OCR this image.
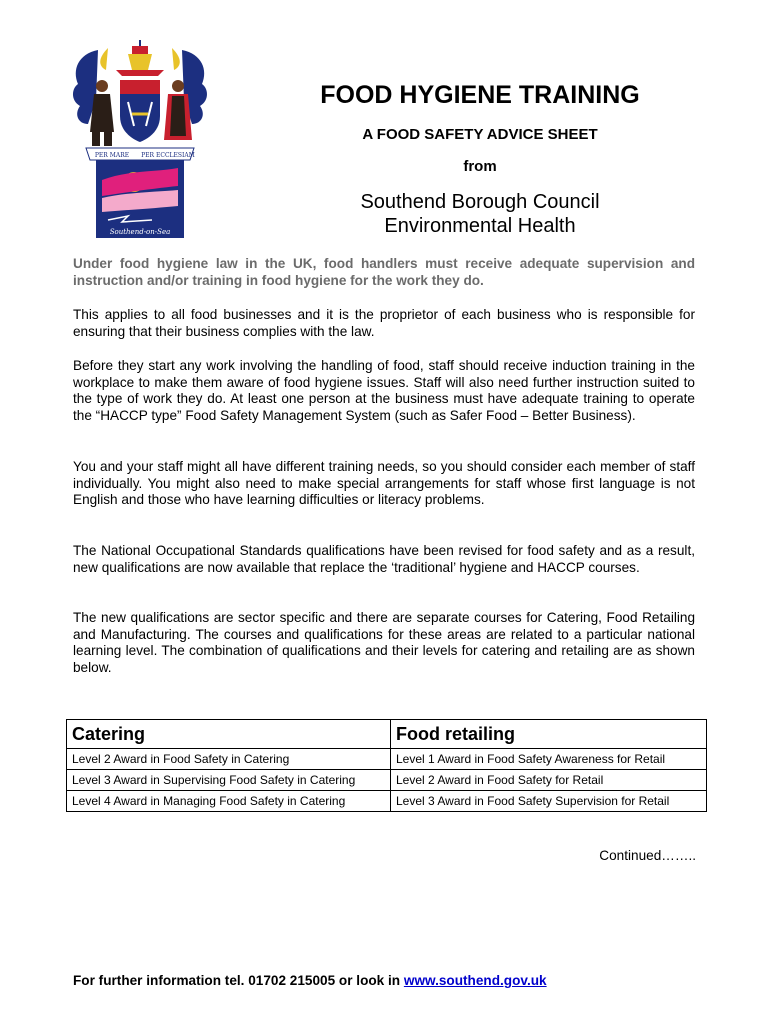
PER MARE PER ECCLESIAM
Southend-on-Sea

FOOD HYGIENE TRAINING

A FOOD SAFETY ADVICE SHEET

from

Southend Borough Council
Environmental Health

Under food hygiene law in the UK, food handlers must receive adequate supervision and instruction and/or training in food hygiene for the work they do.
This applies to all food businesses and it is the proprietor of each business who is responsible for ensuring that their business complies with the law.
Before they start any work involving the handling of food, staff should receive induction training in the workplace to make them aware of food hygiene issues. Staff will also need further instruction suited to the type of work they do. At least one person at the business must have adequate training to operate the “HACCP type” Food Safety Management System (such as Safer Food – Better Business).
You and your staff might all have different training needs, so you should consider each member of staff individually. You might also need to make special arrangements for staff whose first language is not English and those who have learning difficulties or literacy problems.
The National Occupational Standards qualifications have been revised for food safety and as a result, new qualifications are now available that replace the ‘traditional’ hygiene and HACCP courses.
The new qualifications are sector specific and there are separate courses for Catering, Food Retailing and Manufacturing. The courses and qualifications for these areas are related to a particular national learning level. The combination of qualifications and their levels for catering and retailing are as shown below.
Catering	Food retailing
Level 2 Award in Food Safety in Catering	Level 1 Award in Food Safety Awareness for Retail
Level 3 Award in Supervising Food Safety in Catering	Level 2 Award in Food Safety for Retail
Level 4 Award in Managing Food Safety in Catering	Level 3 Award in Food Safety Supervision for Retail
Continued……..
For further information tel. 01702 215005 or look in www.southend.gov.uk
